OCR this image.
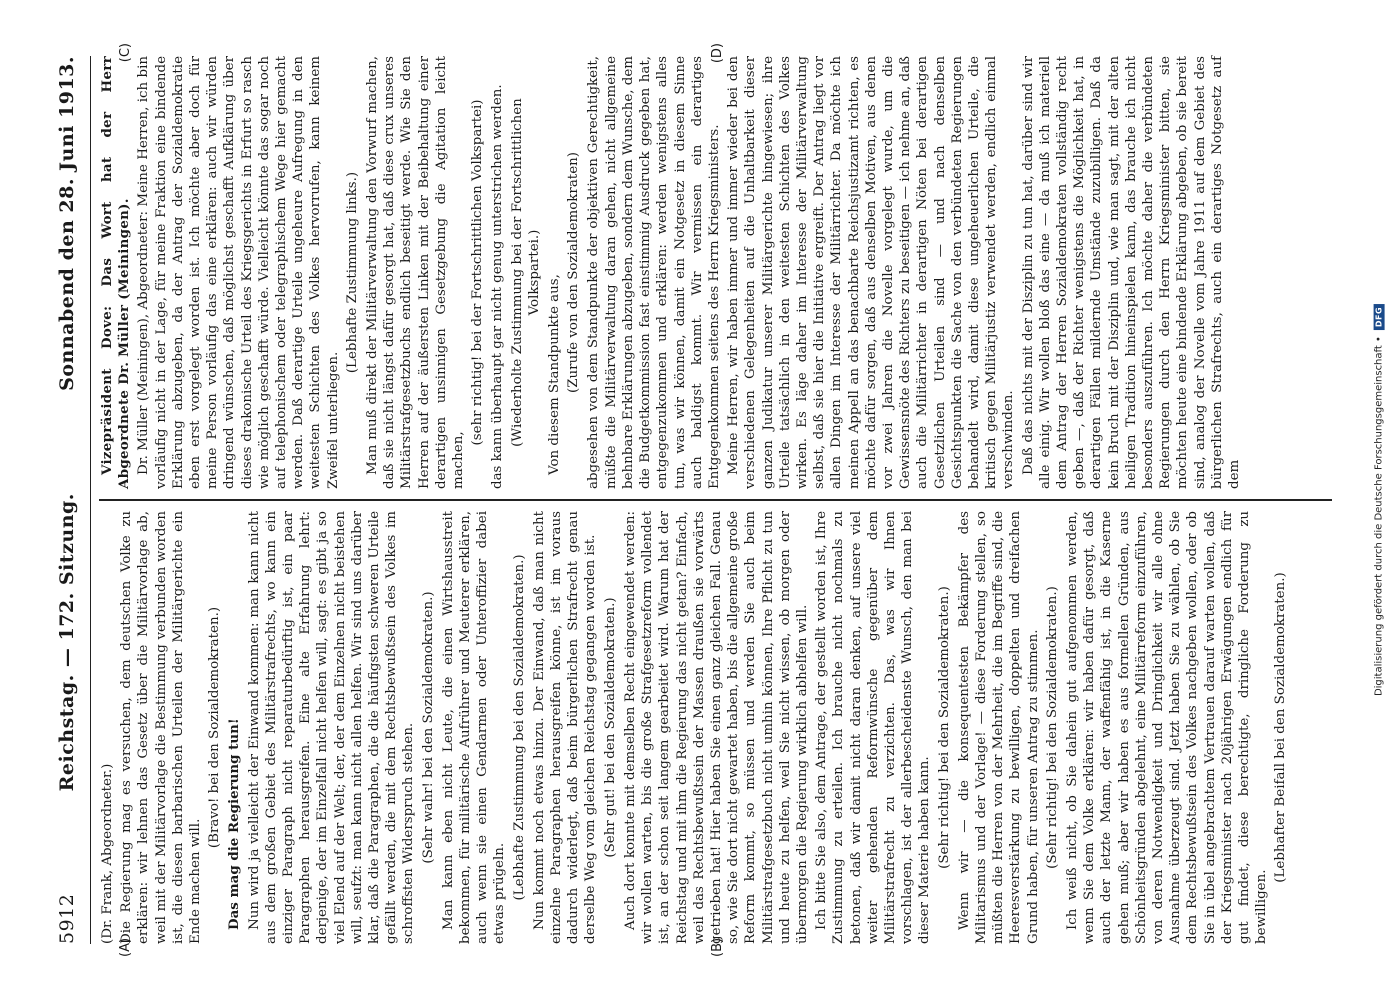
5912
Reichstag. — 172. Sitzung.
Sonnabend den 28. Juni 1913.
(A)	(B)

(Dr. Frank, Abgeordneter.) Die Regierung mag es versuchen, dem deutschen Volke zu erklären: wir lehnen das Gesetz über die Militärvorlage ab, weil mit der Militärvorlage die Bestimmung verbunden worden ist, die diesen barbarischen Urteilen der Militärgerichte ein Ende machen will.

(Bravo! bei den Sozialdemokraten.) Das mag die Regierung tun! Nun wird ja vielleicht der Einwand kommen: man kann nicht aus dem großen Gebiet des Militärstrafrechts, wo kann ein einziger Paragraph nicht reparaturbedürftig ist, ein paar Paragraphen herausgreifen. Eine alte Erfahrung lehrt: derjenige, der im Einzelfall nicht helfen will, sagt: es gibt ja so viel Elend auf der Welt; der, der dem Einzelnen nicht beistehen will, seufzt: man kann nicht allen helfen. Wir sind uns darüber klar, daß die Paragraphen, die die häufigsten schweren Urteile gefällt werden, die mit dem Rechtsbewußtsein des Volkes im schroffsten Widerspruch stehen. (Sehr wahr! bei den Sozialdemokraten.) Man kann eben nicht Leute, die einen Wirtshausstreit bekommen, für militärische Aufrührer und Meuterer erklären, auch wenn sie einen Gendarmen oder Unteroffizier dabei etwas prügeln. (Lebhafte Zustimmung bei den Sozialdemokraten.) Nun kommt noch etwas hinzu. Der Einwand, daß man nicht einzelne Paragraphen herausgreifen könne, ist im voraus dadurch widerlegt, daß beim bürgerlichen Strafrecht genau derselbe Weg vom gleichen Reichstag gegangen worden ist. (Sehr gut! bei den Sozialdemokraten.) Auch dort konnte mit demselben Recht eingewendet werden: wir wollen warten, bis die große Strafgesetzreform vollendet ist, an der schon seit langem gearbeitet wird. Warum hat der Reichstag und mit ihm die Regierung das nicht getan? Einfach, weil das Rechtsbewußtsein der Massen draußen sie vorwärts getrieben hat! Hier haben Sie einen ganz gleichen Fall. Genau so, wie Sie dort nicht gewartet haben, bis die allgemeine große Reform kommt, so müssen und werden Sie auch beim Militärstrafgesetzbuch nicht umhin können, Ihre Pflicht zu tun und heute zu helfen, weil Sie nicht wissen, ob morgen oder übermorgen die Regierung wirklich abhelfen will. Ich bitte Sie also, dem Antrage, der gestellt worden ist, Ihre Zustimmung zu erteilen. Ich brauche nicht nochmals zu betonen, daß wir damit nicht daran denken, auf unsere viel weiter gehenden Reformwünsche gegenüber dem Militärstrafrecht zu verzichten. Das, was wir Ihnen vorschlagen, ist der allerbescheidenste Wunsch, den man bei dieser Materie haben kann. (Sehr richtig! bei den Sozialdemokraten.) Wenn wir — die konsequentesten Bekämpfer des Militarismus und der Vorlage! — diese Forderung stellen, so müßten die Herren von der Mehrheit, die im Begriffe sind, die Heeresverstärkung zu bewilligen, doppelten und dreifachen Grund haben, für unseren Antrag zu stimmen. (Sehr richtig! bei den Sozialdemokraten.) Ich weiß nicht, ob Sie dahein gut aufgenommen werden, wenn Sie dem Volke erklären: wir haben dafür gesorgt, daß auch der letzte Mann, der waffenfähig ist, in die Kaserne gehen muß; aber wir haben es aus formellen Gründen, aus Schönheitsgründen abgelehnt, eine Militärreform einzuführen, von deren Notwendigkeit und Dringlichkeit wir alle ohne Ausnahme überzeugt sind. Jetzt haben Sie zu wählen, ob Sie dem Rechtsbewußtsein des Volkes nachgeben wollen, oder ob Sie in übel angebrachtem Vertrauen darauf warten wollen, daß der Kriegsminister nach 20jährigen Erwägungen endlich für gut findet, diese berechtigte, dringliche Forderung zu bewilligen.

(Lebhafter Beifall bei den Sozialdemokraten.)

(C)	(D)

Vizepräsident Dove: Das Wort hat der Herr Abgeordnete Dr. Müller (Meiningen). Dr. Müller (Meiningen), Abgeordneter: Meine Herren, ich bin vorläufig nicht in der Lage, für meine Fraktion eine bindende Erklärung abzugeben, da der Antrag der Sozialdemokratie eben erst vorgelegt worden ist. Ich möchte aber doch für meine Person vorläufig das eine erklären: auch wir würden dringend wünschen, daß möglichst geschafft Aufklärung über dieses drakonische Urteil des Kriegsgerichts in Erfurt so rasch wie möglich geschafft würde. Vielleicht könnte das sogar noch auf telephonischem oder telegraphischem Wege hier gemacht werden. Daß derartige Urteile ungeheure Aufregung in den weitesten Schichten des Volkes hervorrufen, kann keinem Zweifel unterliegen.

(Lebhafte Zustimmung links.) Man muß direkt der Militärverwaltung den Vorwurf machen, daß sie nicht längst dafür gesorgt hat, daß diese crux unseres Militärstrafgesetzbuchs endlich beseitigt werde. Wie Sie den Herren auf der äußersten Linken mit der Beibehaltung einer derartigen unsinnigen Gesetzgebung die Agitation leicht machen,

(sehr richtig! bei der Fortschrittlichen Volkspartei) das kann überhaupt gar nicht genug unterstrichen werden. (Wiederholte Zustimmung bei der Fortschrittlichen Volkspartei.)

Von diesem Standpunkte aus, (Zurufe von den Sozialdemokraten) abgesehen von dem Standpunkte der objektiven Gerechtigkeit, müßte die Militärverwaltung daran gehen, nicht allgemeine behnbare Erklärungen abzugeben, sondern dem Wunsche, dem die Budgetkommission fast einstimmig Ausdruck gegeben hat, entgegenzukommen und erklären: werden wenigstens alles tun, was wir können, damit ein Notgesetz in diesem Sinne auch baldigst kommt. Wir vermissen ein derartiges Entgegenkommen seitens des Herrn Kriegsministers. Meine Herren, wir haben immer und immer wieder bei den verschiedenen Gelegenheiten auf die Unhaltbarkeit dieser ganzen Judikatur unserer Militärgerichte hingewiesen; ihre Urteile tatsächlich in den weitesten Schichten des Volkes wirken. Es läge daher im Interesse der Militärverwaltung selbst, daß sie hier die Initiative ergreift. Der Antrag liegt vor allen Dingen im Interesse der Militärrichter. Da möchte ich meinen Appell an das benachbarte Reichsjustizamt richten, es möchte dafür sorgen, daß aus denselben Motiven, aus denen vor zwei Jahren die Novelle vorgelegt wurde, um die Gewissensnöte des Richters zu beseitigen — ich nehme an, daß auch die Militärrichter in derartigen Nöten bei derartigen Gesetzlichen Urteilen sind — und nach denselben Gesichtspunkten die Sache von den verbündeten Regierungen behandelt wird, damit diese ungeheuerlichen Urteile, die kritisch gegen Militärjustiz verwendet werden, endlich einmal verschwinden. Daß das nichts mit der Disziplin zu tun hat, darüber sind wir alle einig. Wir wollen bloß das eine — da muß ich materiell dem Antrag der Herren Sozialdemokraten vollständig recht geben —, daß der Richter wenigstens die Möglichkeit hat, in derartigen Fällen mildernde Umstände zuzubilligen. Daß da kein Bruch mit der Disziplin und, wie man sagt, mit der alten heiligen Tradition hineinspielen kann, das brauche ich nicht besonders auszuführen. Ich möchte daher die verbündeten Regierungen durch den Herrn Kriegsminister bitten, sie möchten heute eine bindende Erklärung abgeben, ob sie bereit sind, analog der Novelle vom Jahre 1911 auf dem Gebiet des bürgerlichen Strafrechts, auch ein derartiges Notgesetz auf dem	Digitalisierung gefördert durch die Deutsche Forschungsgemeinschaft •
DFG
